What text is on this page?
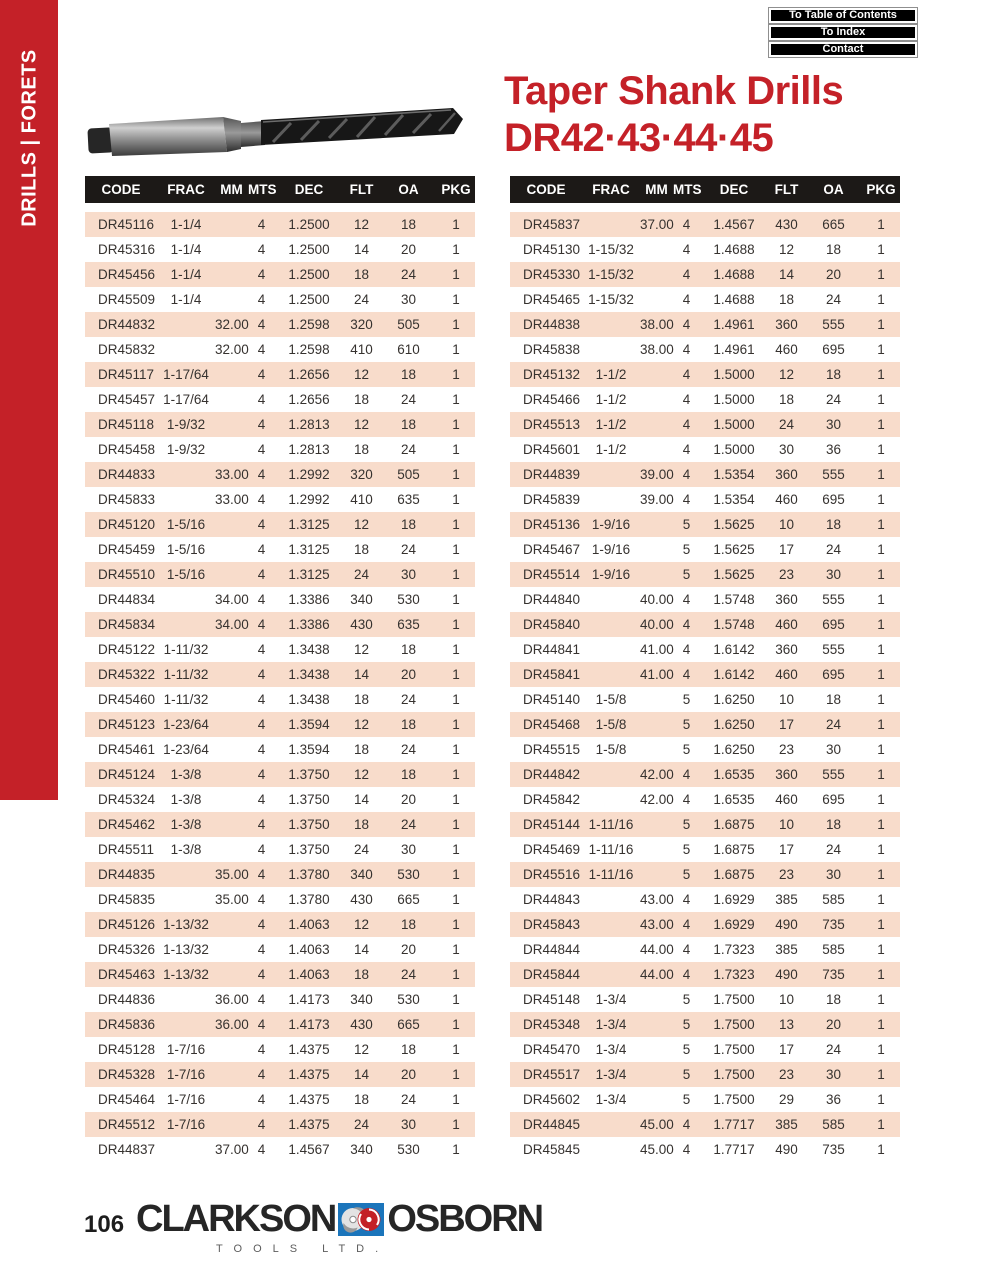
DRILLS | FORETS
To Table of Contents
To Index
Contact
Taper Shank Drills
DR42·43·44·45
CODE	FRAC	MM MTS	DEC	FLT	OA	PKG
DR45116	1-1/4	4	1.2500	12	18	1
DR45316	1-1/4	4	1.2500	14	20	1
DR45456	1-1/4	4	1.2500	18	24	1
DR45509	1-1/4	4	1.2500	24	30	1
DR44832	32.00 4	1.2598	320	505	1
DR45832	32.00 4	1.2598	410	610	1
DR45117 1-17/64	4	1.2656	12	18	1
DR45457 1-17/64	4	1.2656	18	24	1
DR45118 1-9/32	4	1.2813	12	18	1
DR45458 1-9/32	4	1.2813	18	24	1
DR44833	33.00 4	1.2992	320	505	1
DR45833	33.00 4	1.2992	410	635	1
DR45120 1-5/16	4	1.3125	12	18	1
DR45459 1-5/16	4	1.3125	18	24	1
DR45510 1-5/16	4	1.3125	24	30	1
DR44834	34.00 4	1.3386	340	530	1
DR45834	34.00 4	1.3386	430	635	1
DR45122 1-11/32	4	1.3438	12	18	1
DR45322 1-11/32	4	1.3438	14	20	1
DR45460 1-11/32	4	1.3438	18	24	1
DR45123 1-23/64	4	1.3594	12	18	1
DR45461 1-23/64	4	1.3594	18	24	1
DR45124	1-3/8	4	1.3750	12	18	1
DR45324	1-3/8	4	1.3750	14	20	1
DR45462	1-3/8	4	1.3750	18	24	1
DR45511	1-3/8	4	1.3750	24	30	1
DR44835	35.00 4	1.3780	340	530	1
DR45835	35.00 4	1.3780	430	665	1
DR45126 1-13/32	4	1.4063	12	18	1
DR45326 1-13/32	4	1.4063	14	20	1
DR45463 1-13/32	4	1.4063	18	24	1
DR44836	36.00 4	1.4173	340	530	1
DR45836	36.00 4	1.4173	430	665	1
DR45128 1-7/16	4	1.4375	12	18	1
DR45328 1-7/16	4	1.4375	14	20	1
DR45464 1-7/16	4	1.4375	18	24	1
DR45512 1-7/16	4	1.4375	24	30	1
DR44837	37.00 4	1.4567	340	530	1
CODE	FRAC	MM MTS	DEC	FLT	OA	PKG
DR45837	37.00 4	1.4567	430	665	1
DR45130 1-15/32	4	1.4688	12	18	1
DR45330 1-15/32	4	1.4688	14	20	1
DR45465 1-15/32	4	1.4688	18	24	1
DR44838	38.00 4	1.4961	360	555	1
DR45838	38.00 4	1.4961	460	695	1
DR45132	1-1/2	4	1.5000	12	18	1
DR45466	1-1/2	4	1.5000	18	24	1
DR45513	1-1/2	4	1.5000	24	30	1
DR45601	1-1/2	4	1.5000	30	36	1
DR44839	39.00 4	1.5354	360	555	1
DR45839	39.00 4	1.5354	460	695	1
DR45136 1-9/16	5	1.5625	10	18	1
DR45467 1-9/16	5	1.5625	17	24	1
DR45514 1-9/16	5	1.5625	23	30	1
DR44840	40.00 4	1.5748	360	555	1
DR45840	40.00 4	1.5748	460	695	1
DR44841	41.00 4	1.6142	360	555	1
DR45841	41.00 4	1.6142	460	695	1
DR45140	1-5/8	5	1.6250	10	18	1
DR45468	1-5/8	5	1.6250	17	24	1
DR45515	1-5/8	5	1.6250	23	30	1
DR44842	42.00 4	1.6535	360	555	1
DR45842	42.00 4	1.6535	460	695	1
DR45144 1-11/16	5	1.6875	10	18	1
DR45469 1-11/16	5	1.6875	17	24	1
DR45516 1-11/16	5	1.6875	23	30	1
DR44843	43.00 4	1.6929	385	585	1
DR45843	43.00 4	1.6929	490	735	1
DR44844	44.00 4	1.7323	385	585	1
DR45844	44.00 4	1.7323	490	735	1
DR45148	1-3/4	5	1.7500	10	18	1
DR45348	1-3/4	5	1.7500	13	20	1
DR45470	1-3/4	5	1.7500	17	24	1
DR45517	1-3/4	5	1.7500	23	30	1
DR45602	1-3/4	5	1.7500	29	36	1
DR44845	45.00 4	1.7717	385	585	1
DR45845	45.00 4	1.7717	490	735	1
106 CLARKSON OSBORN
TOOLS LTD.
